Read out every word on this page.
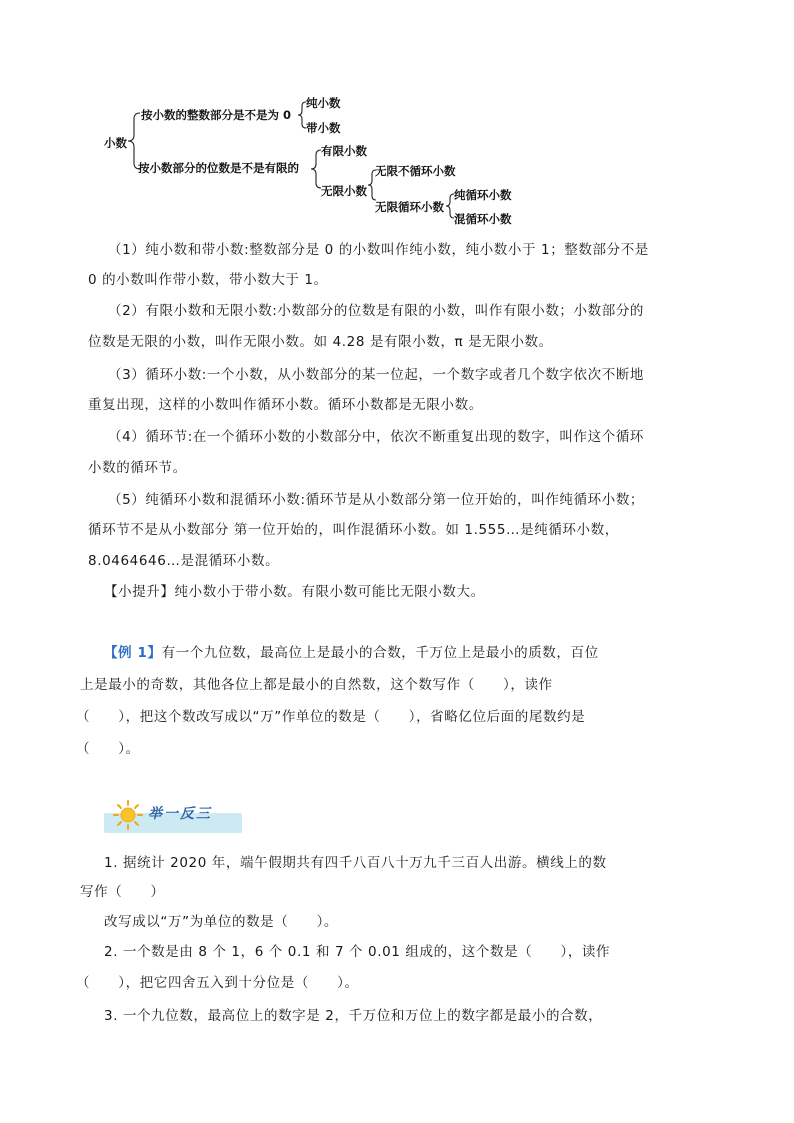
小数
按小数的整数部分是不是为 0
纯小数
带小数
按小数部分的位数是不是有限的
有限小数
无限小数
无限不循环小数
无限循环小数
纯循环小数
混循环小数
（1）纯小数和带小数:整数部分是 0 的小数叫作纯小数，纯小数小于 1；整数部分不是
0 的小数叫作带小数，带小数大于 1。
（2）有限小数和无限小数:小数部分的位数是有限的小数，叫作有限小数；小数部分的
位数是无限的小数，叫作无限小数。如 4.28 是有限小数，π 是无限小数。
（3）循环小数:一个小数，从小数部分的某一位起，一个数字或者几个数字依次不断地
重复出现，这样的小数叫作循环小数。循环小数都是无限小数。
（4）循环节:在一个循环小数的小数部分中，依次不断重复出现的数字，叫作这个循环
小数的循环节。
（5）纯循环小数和混循环小数:循环节是从小数部分第一位开始的，叫作纯循环小数；
循环节不是从小数部分 第一位开始的，叫作混循环小数。如 1.555…是纯循环小数，
8.0464646…是混循环小数。
【小提升】纯小数小于带小数。有限小数可能比无限小数大。
【例 1】有一个九位数，最高位上是最小的合数，千万位上是最小的质数，百位
上是最小的奇数，其他各位上都是最小的自然数，这个数写作（　　），读作
（　　），把这个数改写成以“万”作单位的数是（　　），省略亿位后面的尾数约是
（　　）。
举一反三
1. 据统计 2020 年，端午假期共有四千八百八十万九千三百人出游。横线上的数
写作（　　）
改写成以“万”为单位的数是（　　）。
2. 一个数是由 8 个 1，6 个 0.1 和 7 个 0.01 组成的，这个数是（　　），读作
（　　），把它四舍五入到十分位是（　　）。
3. 一个九位数，最高位上的数字是 2，千万位和万位上的数字都是最小的合数，
